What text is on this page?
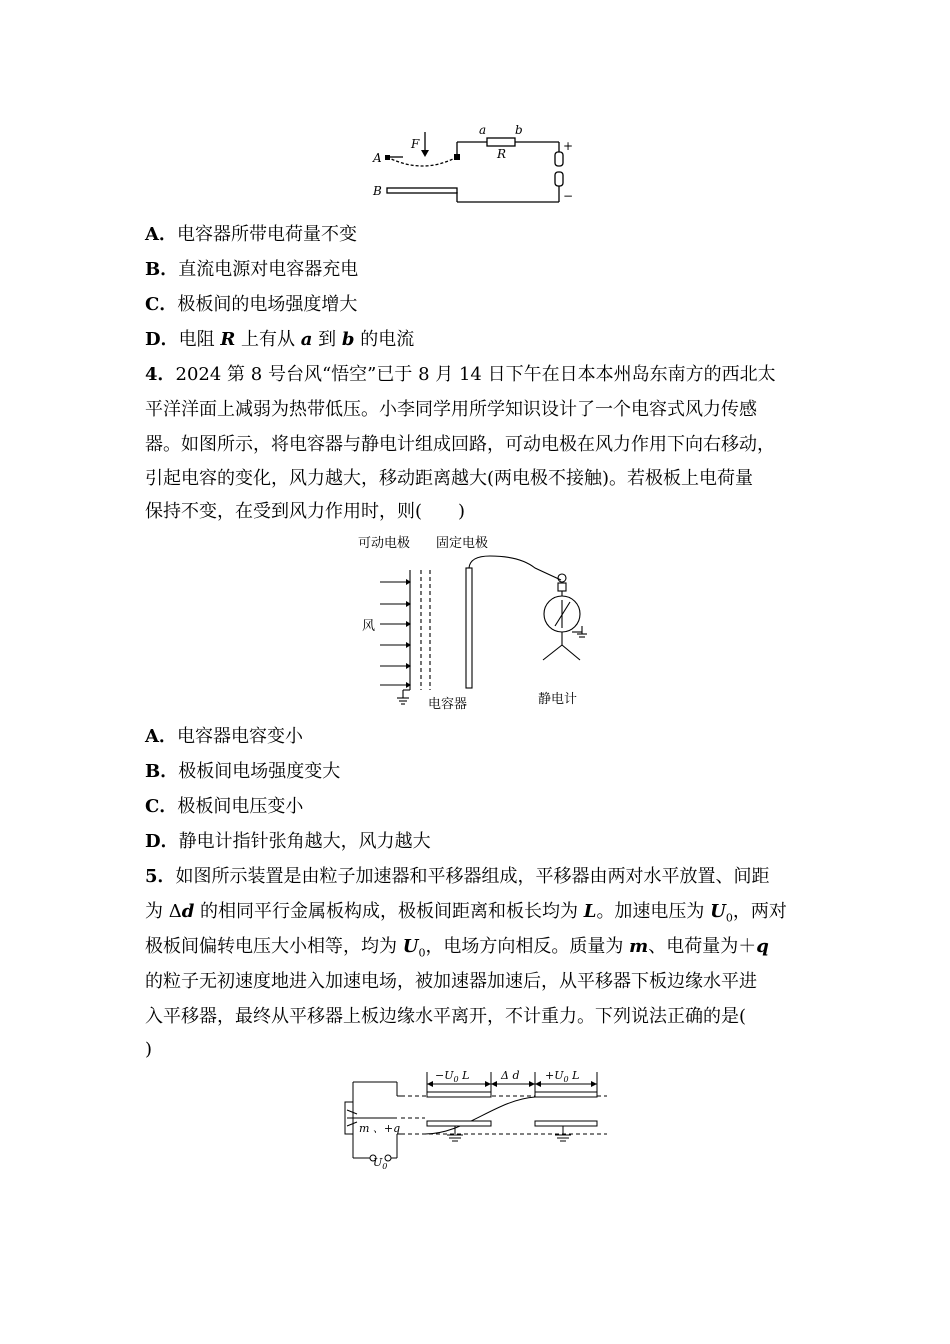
F
a b
R
A
B
+
−
A．电容器所带电荷量不变
B．直流电源对电容器充电
C．极板间的电场强度增大
D．电阻 R 上有从 a 到 b 的电流
4．2024 第 8 号台风“悟空”已于 8 月 14 日下午在日本本州岛东南方的西北太
平洋洋面上减弱为热带低压。小李同学用所学知识设计了一个电容式风力传感
器。如图所示，将电容器与静电计组成回路，可动电极在风力作用下向右移动，
引起电容的变化，风力越大，移动距离越大(两电极不接触)。若极板上电荷量
保持不变，在受到风力作用时，则(　　)
可动电极 固定电极
风
电容器	静电计
A．电容器电容变小
B．极板间电场强度变大
C．极板间电压变小
D．静电计指针张角越大，风力越大
5．如图所示装置是由粒子加速器和平移器组成，平移器由两对水平放置、间距
为 Δd 的相同平行金属板构成，极板间距离和板长均为 L。加速电压为 $U_0$，两对
极板间偏转电压大小相等，均为 $U_0$，电场方向相反。质量为 m、电荷量为＋q
的粒子无初速度地进入加速电场，被加速器加速后，从平移器下板边缘水平进
入平移器，最终从平移器上板边缘水平离开，不计重力。下列说法正确的是(
)
$-U_0$ L	Δ $d +U_0$ L
m 、+q
$U_0$
